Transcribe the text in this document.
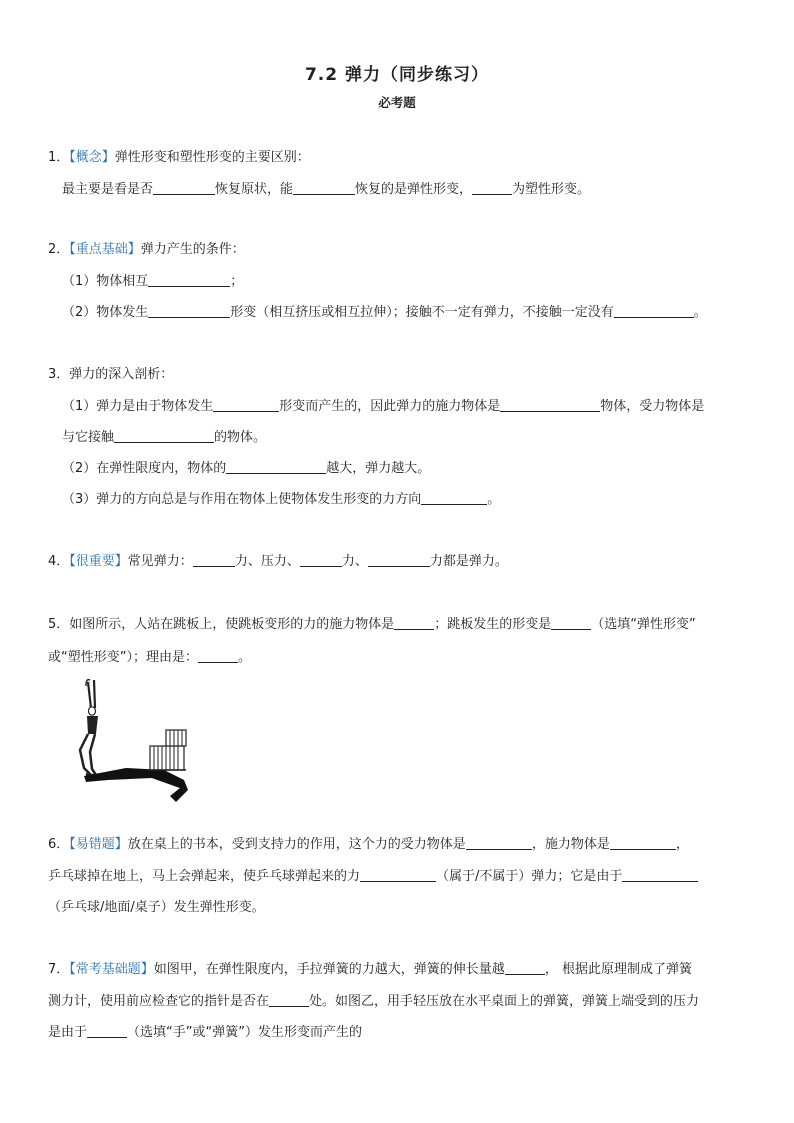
7.2 弹力（同步练习）
必考题
1．【概念】弹性形变和塑性形变的主要区别：
最主要是看是否	恢复原状，能	恢复的是弹性形变，	为塑性形变。
2．【重点基础】弹力产生的条件：
（1）物体相互	；
（2）物体发生	形变（相互挤压或相互拉伸）；接触不一定有弹力，不接触一定没有	。
3．弹力的深入剖析：
（1）弹力是由于物体发生	形变而产生的，因此弹力的施力物体是	物体，受力物体是
与它接触	的物体。
（2）在弹性限度内，物体的	越大，弹力越大。
（3）弹力的方向总是与作用在物体上使物体发生形变的力方向	。
4．【很重要】常见弹力：	力、压力、	力、	力都是弹力。
5．如图所示，人站在跳板上，使跳板变形的力的施力物体是	；跳板发生的形变是	（选填“弹性形变”
或“塑性形变”）；理由是：	。
6．【易错题】放在桌上的书本，受到支持力的作用，这个力的受力物体是	，施力物体是	，
乒乓球掉在地上，马上会弹起来，使乒乓球弹起来的力	（属于/不属于）弹力；它是由于
（乒乓球/地面/桌子）发生弹性形变。
7．【常考基础题】如图甲，在弹性限度内，手拉弹簧的力越大，弹簧的伸长量越	， 根据此原理制成了弹簧
测力计，使用前应检查它的指针是否在	处。如图乙，用手轻压放在水平桌面上的弹簧，弹簧上端受到的压力
是由于	（选填“手”或“弹簧”）发生形变而产生的
